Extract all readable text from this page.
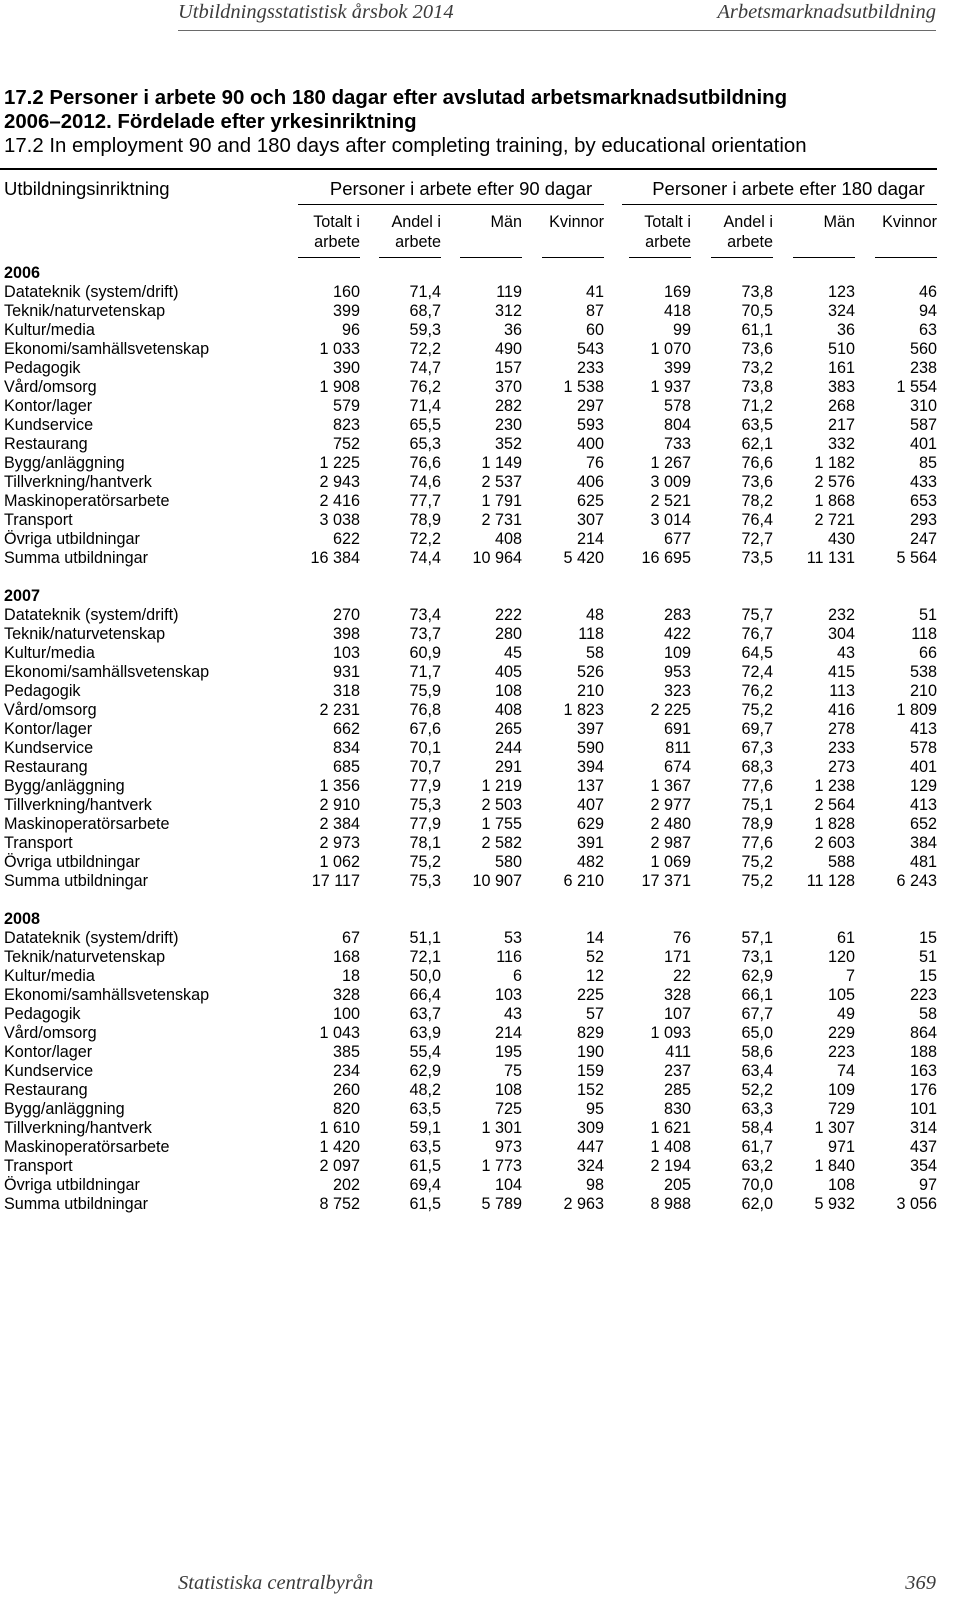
Utbildningsstatistisk årsbok 2014	Arbetsmarknadsutbildning
17.2 Personer i arbete 90 och 180 dagar efter avslutad arbetsmarknadsutbildning
2006–2012. Fördelade efter yrkesinriktning
17.2 In employment 90 and 180 days after completing training, by educational orientation
Utbildningsinriktning	Personer i arbete efter 90 dagar	Personer i arbete efter 180 dagar
Totalt i
arbete
Andel i
arbete
Män	Kvinnor	Totalt i
arbete
Andel i
arbete
Män	Kvinnor
2006
Datateknik (system/drift)	160	71,4	119	41	169	73,8	123	46
Teknik/naturvetenskap	399	68,7	312	87	418	70,5	324	94
Kultur/media	96	59,3	36	60	99	61,1	36	63
Ekonomi/samhällsvetenskap	1 033	72,2	490	543	1 070	73,6	510	560
Pedagogik	390	74,7	157	233	399	73,2	161	238
Vård/omsorg	1 908	76,2	370	1 538	1 937	73,8	383	1 554
Kontor/lager	579	71,4	282	297	578	71,2	268	310
Kundservice	823	65,5	230	593	804	63,5	217	587
Restaurang	752	65,3	352	400	733	62,1	332	401
Bygg/anläggning	1 225	76,6	1 149	76	1 267	76,6	1 182	85
Tillverkning/hantverk	2 943	74,6	2 537	406	3 009	73,6	2 576	433
Maskinoperatörsarbete	2 416	77,7	1 791	625	2 521	78,2	1 868	653
Transport	3 038	78,9	2 731	307	3 014	76,4	2 721	293
Övriga utbildningar	622	72,2	408	214	677	72,7	430	247
Summa utbildningar	16 384	74,4	10 964	5 420	16 695	73,5	11 131	5 564
2007
Datateknik (system/drift)	270	73,4	222	48	283	75,7	232	51
Teknik/naturvetenskap	398	73,7	280	118	422	76,7	304	118
Kultur/media	103	60,9	45	58	109	64,5	43	66
Ekonomi/samhällsvetenskap	931	71,7	405	526	953	72,4	415	538
Pedagogik	318	75,9	108	210	323	76,2	113	210
Vård/omsorg	2 231	76,8	408	1 823	2 225	75,2	416	1 809
Kontor/lager	662	67,6	265	397	691	69,7	278	413
Kundservice	834	70,1	244	590	811	67,3	233	578
Restaurang	685	70,7	291	394	674	68,3	273	401
Bygg/anläggning	1 356	77,9	1 219	137	1 367	77,6	1 238	129
Tillverkning/hantverk	2 910	75,3	2 503	407	2 977	75,1	2 564	413
Maskinoperatörsarbete	2 384	77,9	1 755	629	2 480	78,9	1 828	652
Transport	2 973	78,1	2 582	391	2 987	77,6	2 603	384
Övriga utbildningar	1 062	75,2	580	482	1 069	75,2	588	481
Summa utbildningar	17 117	75,3	10 907	6 210	17 371	75,2	11 128	6 243
2008
Datateknik (system/drift)	67	51,1	53	14	76	57,1	61	15
Teknik/naturvetenskap	168	72,1	116	52	171	73,1	120	51
Kultur/media	18	50,0	6	12	22	62,9	7	15
Ekonomi/samhällsvetenskap	328	66,4	103	225	328	66,1	105	223
Pedagogik	100	63,7	43	57	107	67,7	49	58
Vård/omsorg	1 043	63,9	214	829	1 093	65,0	229	864
Kontor/lager	385	55,4	195	190	411	58,6	223	188
Kundservice	234	62,9	75	159	237	63,4	74	163
Restaurang	260	48,2	108	152	285	52,2	109	176
Bygg/anläggning	820	63,5	725	95	830	63,3	729	101
Tillverkning/hantverk	1 610	59,1	1 301	309	1 621	58,4	1 307	314
Maskinoperatörsarbete	1 420	63,5	973	447	1 408	61,7	971	437
Transport	2 097	61,5	1 773	324	2 194	63,2	1 840	354
Övriga utbildningar	202	69,4	104	98	205	70,0	108	97
Summa utbildningar	8 752	61,5	5 789	2 963	8 988	62,0	5 932	3 056
Statistiska centralbyrån	369
